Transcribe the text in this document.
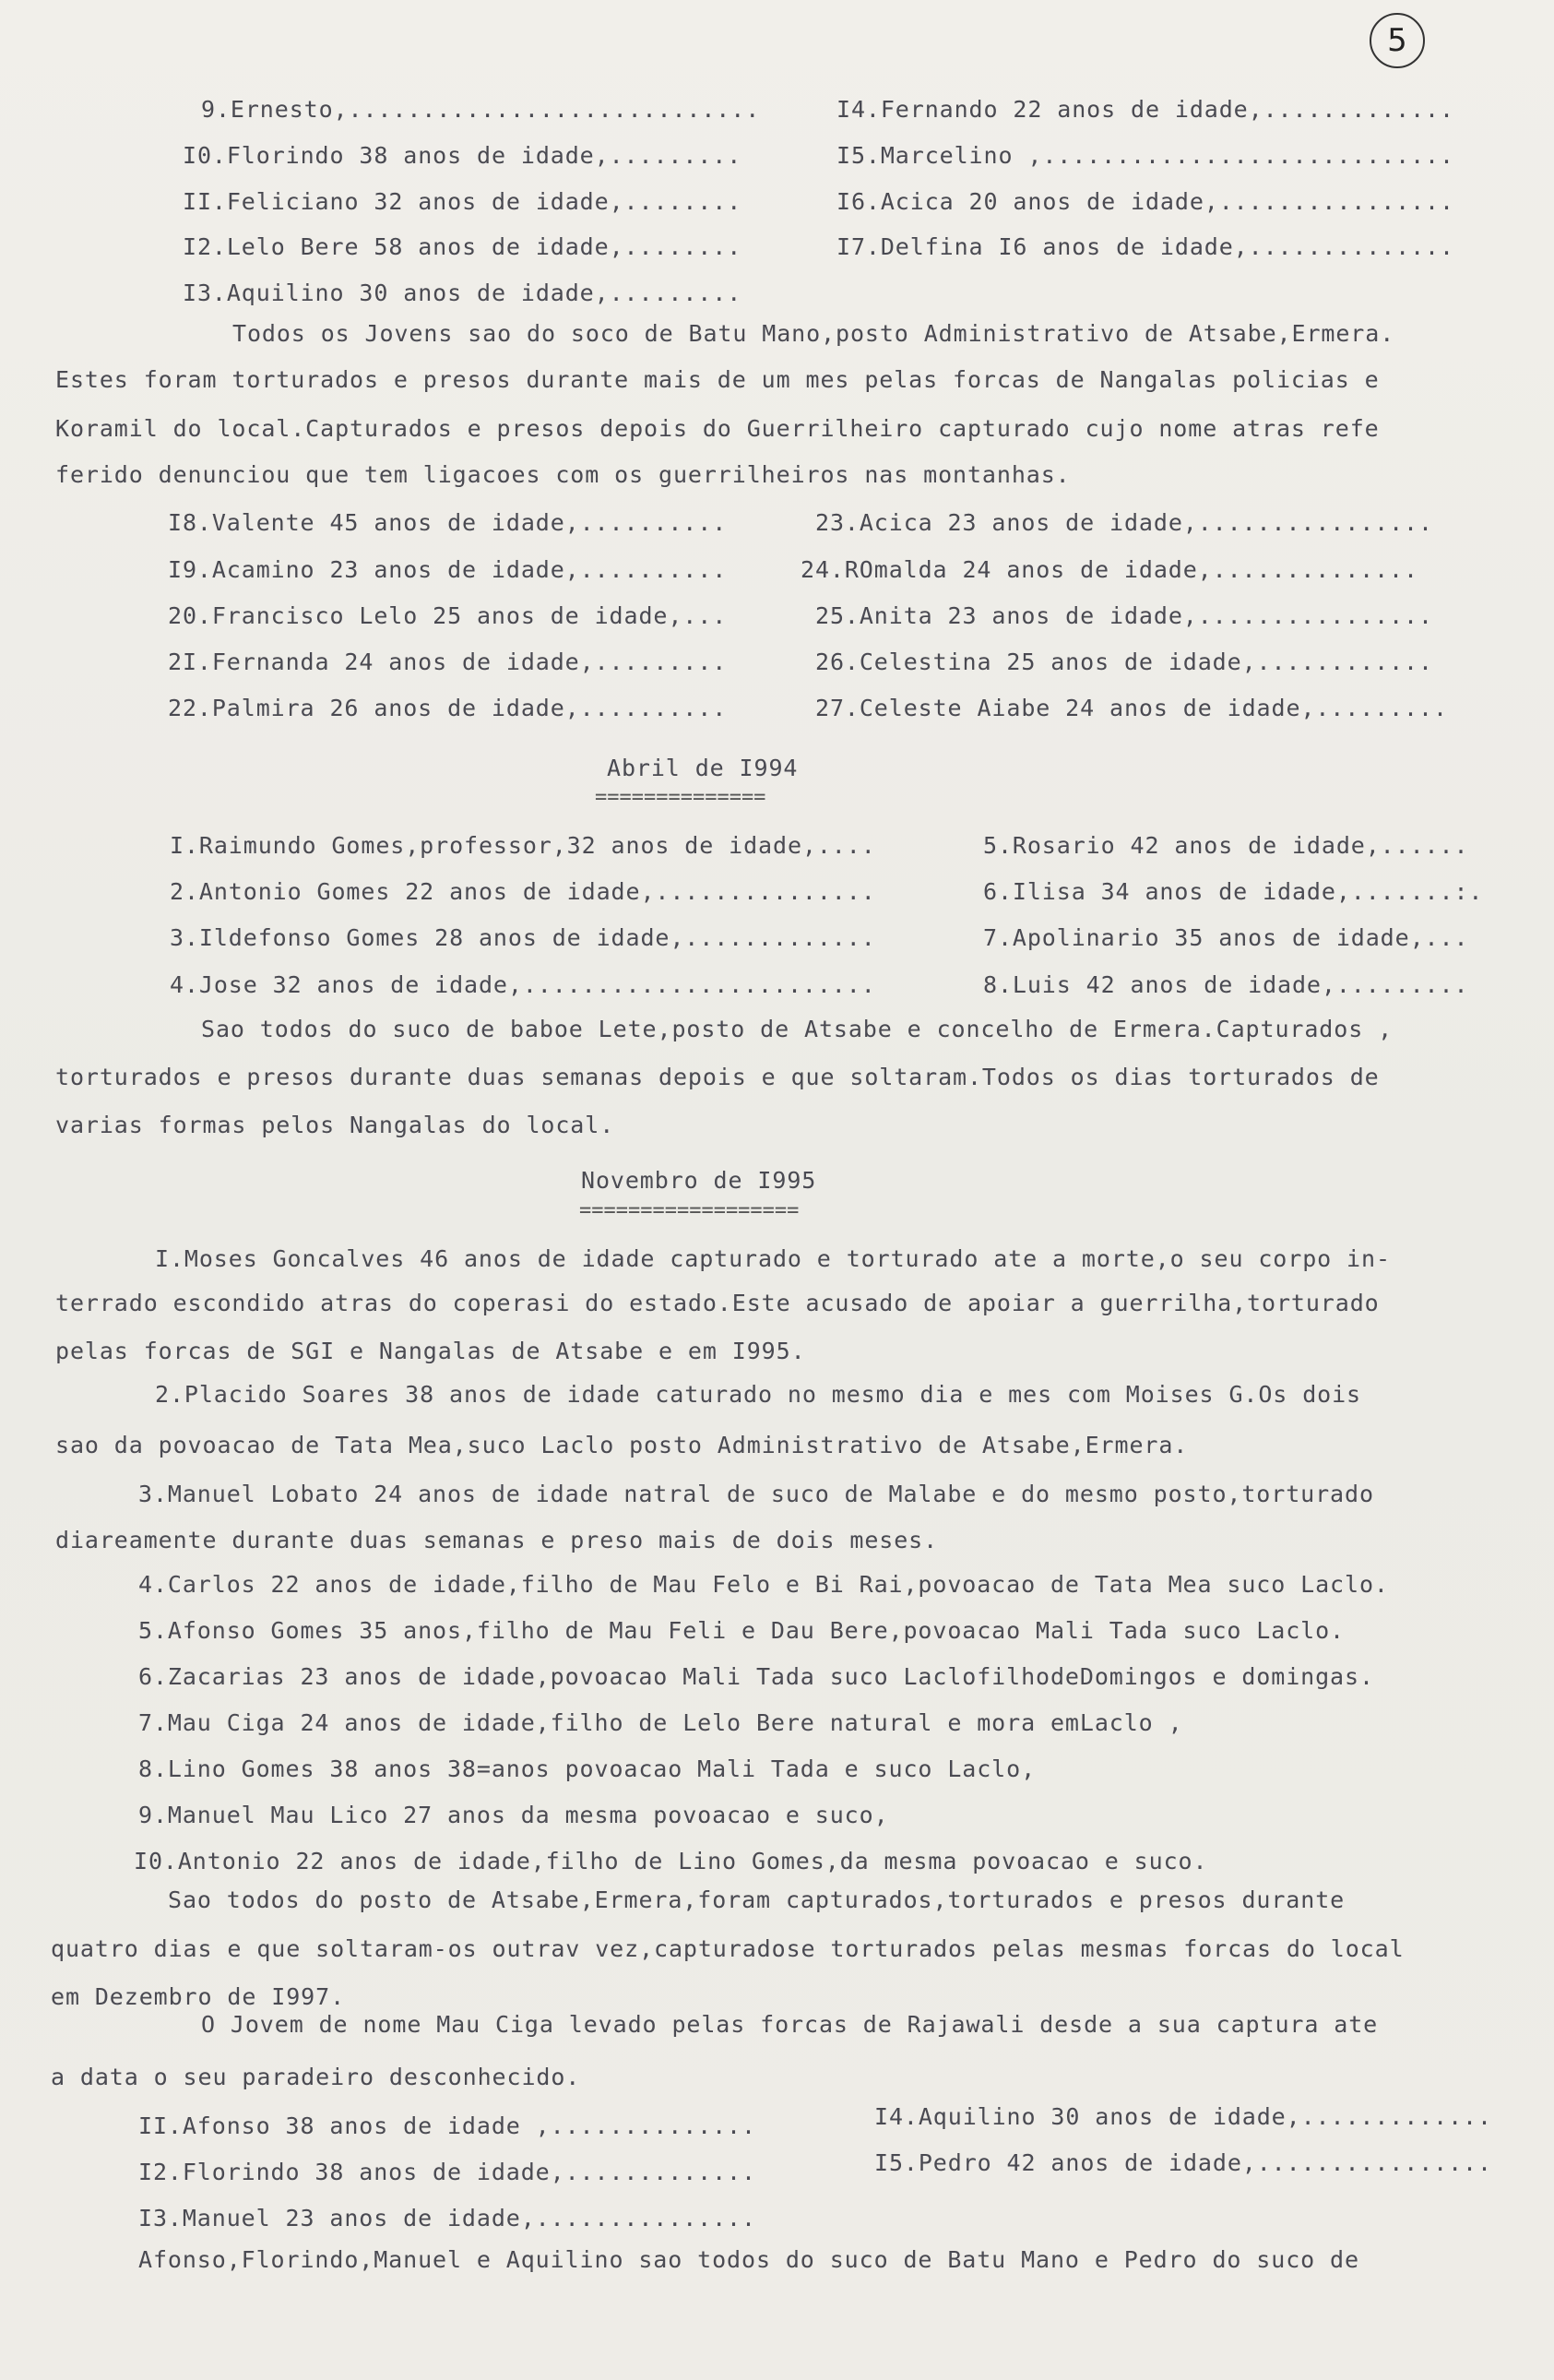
5
9.Ernesto,............................
I0.Florindo 38 anos de idade,.........
II.Feliciano 32 anos de idade,........
I2.Lelo Bere 58 anos de idade,........
I3.Aquilino 30 anos de idade,.........
I4.Fernando 22 anos de idade,.............
I5.Marcelino ,............................
I6.Acica 20 anos de idade,................
I7.Delfina I6 anos de idade,..............
Todos os Jovens sao do soco de Batu Mano,posto Administrativo de Atsabe,Ermera.
Estes foram torturados e presos durante mais de um mes pelas forcas de Nangalas policias e
Koramil do local.Capturados e presos depois do Guerrilheiro capturado cujo nome atras refe
ferido denunciou que tem ligacoes com os guerrilheiros nas montanhas.
I8.Valente 45 anos de idade,..........
I9.Acamino 23 anos de idade,..........
20.Francisco Lelo 25 anos de idade,...
2I.Fernanda 24 anos de idade,.........
22.Palmira 26 anos de idade,..........
23.Acica 23 anos de idade,................
24.ROmalda 24 anos de idade,..............
25.Anita 23 anos de idade,................
26.Celestina 25 anos de idade,............
27.Celeste Aiabe 24 anos de idade,.........
Abril de I994
==============
I.Raimundo Gomes,professor,32 anos de idade,....
2.Antonio Gomes 22 anos de idade,...............
3.Ildefonso Gomes 28 anos de idade,.............
4.Jose 32 anos de idade,........................
5.Rosario 42 anos de idade,......
6.Ilisa 34 anos de idade,.......:.
7.Apolinario 35 anos de idade,...
8.Luis 42 anos de idade,.........
Sao todos do suco de baboe Lete,posto de Atsabe e concelho de Ermera.Capturados ,
torturados e presos durante duas semanas depois e que soltaram.Todos os dias torturados de
varias formas pelos Nangalas do local.
Novembro de I995
==================
I.Moses Goncalves 46 anos de idade capturado e torturado ate a morte,o seu corpo in-
terrado escondido atras do coperasi do estado.Este acusado de apoiar a guerrilha,torturado
pelas forcas de SGI e Nangalas de Atsabe e em I995.
2.Placido Soares 38 anos de idade caturado no mesmo dia e mes com Moises G.Os dois
sao da povoacao de Tata Mea,suco Laclo posto Administrativo de Atsabe,Ermera.
3.Manuel Lobato 24 anos de idade natral de suco de Malabe e do mesmo posto,torturado
diareamente durante duas semanas e preso mais de dois meses.
4.Carlos 22 anos de idade,filho de Mau Felo e Bi Rai,povoacao de Tata Mea suco Laclo.
5.Afonso Gomes 35 anos,filho de Mau Feli e Dau Bere,povoacao Mali Tada suco Laclo.
6.Zacarias 23 anos de idade,povoacao Mali Tada suco LaclofilhodeDomingos e domingas.
7.Mau Ciga 24 anos de idade,filho de Lelo Bere natural e mora emLaclo ,
8.Lino Gomes 38 anos 38=anos povoacao Mali Tada e suco Laclo,
9.Manuel Mau Lico 27 anos da mesma povoacao e suco,
I0.Antonio 22 anos de idade,filho de Lino Gomes,da mesma povoacao e suco.
Sao todos do posto de Atsabe,Ermera,foram capturados,torturados e presos durante
quatro dias e que soltaram-os outrav vez,capturadose torturados pelas mesmas forcas do local
em Dezembro de I997.
O Jovem de nome Mau Ciga levado pelas forcas de Rajawali desde a sua captura ate
a data o seu paradeiro desconhecido.
II.Afonso 38 anos de idade ,..............
I2.Florindo 38 anos de idade,.............
I3.Manuel 23 anos de idade,...............
I4.Aquilino 30 anos de idade,.............
I5.Pedro 42 anos de idade,................
Afonso,Florindo,Manuel e Aquilino sao todos do suco de Batu Mano e Pedro do suco de
